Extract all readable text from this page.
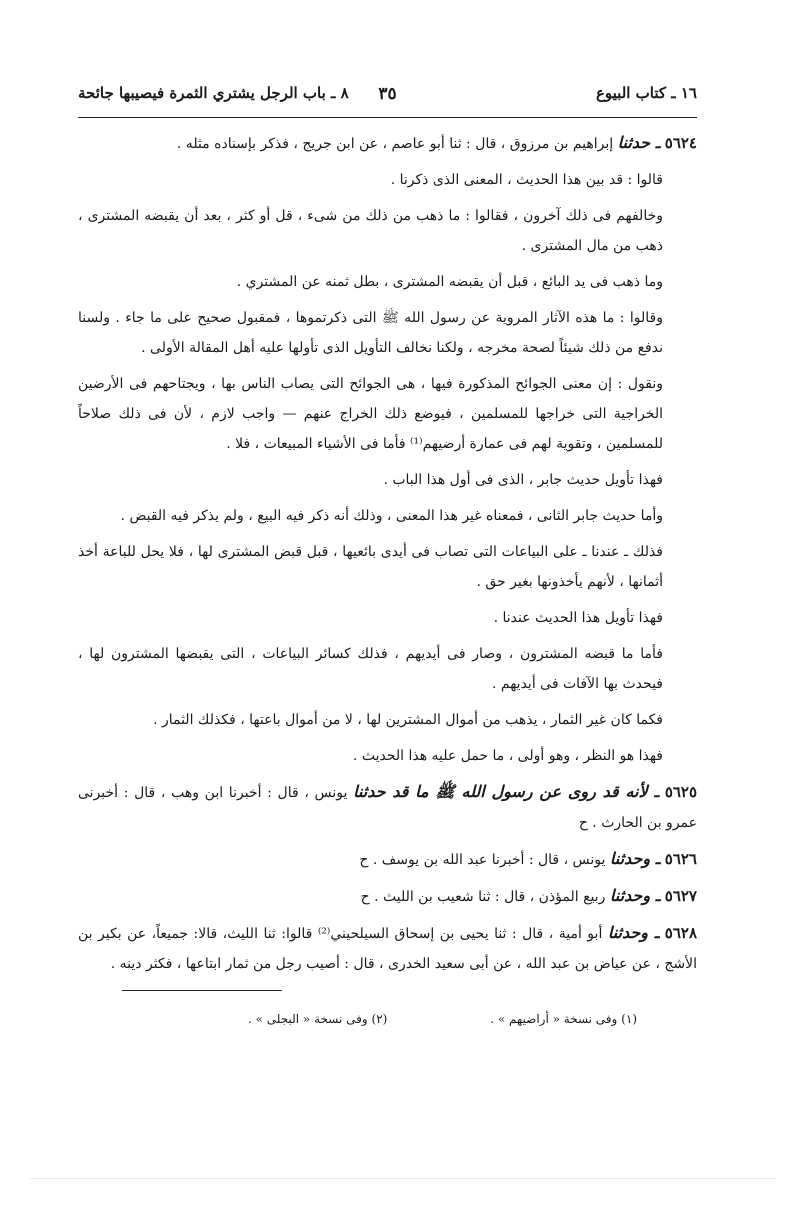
١٦ ـ كتاب البيوع
٣٥
٨ ـ باب الرجل يشتري الثمرة فيصيبها جائحة

٥٦٢٤ ـ حدثنا إبراهيم بن مرزوق ، قال : ثنا أبو عاصم ، عن ابن جريج ، فذكر بإسناده مثله .

قالوا : قد بين هذا الحديث ، المعنى الذى ذكرنا .

وخالفهم فى ذلك آخرون ، فقالوا : ما ذهب من ذلك من شىء ، قل أو كثر ، بعد أن يقبضه المشترى ، ذهب من مال المشترى .

وما ذهب فى يد البائع ، قبل أن يقبضه المشترى ، بطل ثمنه عن المشتري .

وقالوا : ما هذه الآثار المروية عن رسول الله ﷺ التى ذكرتموها ، فمقبول صحيح على ما جاء . ولسنا ندفع من ذلك شيئاً لصحة مخرجه ، ولكنا نخالف التأويل الذى تأولها عليه أهل المقالة الأولى .

ونقول : إن معنى الجوائح المذكورة فيها ، هى الجوائح التى يصاب الناس بها ، ويجتاحهم فى الأرضين الخراجية التى خراجها للمسلمين ، فيوضع ذلك الخراج عنهم — واجب لازم ، لأن فى ذلك صلاحاً للمسلمين ، وتقوية لهم فى عمارة أرضيهم⁽¹⁾ فأما فى الأشياء المبيعات ، فلا .

فهذا تأويل حديث جابر ، الذى فى أول هذا الباب .

وأما حديث جابر الثانى ، فمعناه غير هذا المعنى ، وذلك أنه ذكر فيه البيع ، ولم يذكر فيه القبض .

فذلك ـ عندنا ـ على البياعات التى تصاب فى أيدى بائعيها ، قبل قبض المشترى لها ، فلا يحل للباعة أخذ أثمانها ، لأنهم يأخذونها بغير حق .

فهذا تأويل هذا الحديث عندنا .

فأما ما قبضه المشترون ، وصار فى أيديهم ، فذلك كسائر البياعات ، التى يقبضها المشترون لها ، فيحدث بها الآفات فى أيديهم .

فكما كان غير الثمار ، يذهب من أموال المشترين لها ، لا من أموال باعتها ، فكذلك الثمار .

فهذا هو النظر ، وهو أولى ، ما حمل عليه هذا الحديث .

٥٦٢٥ ـ لأنه قد روى عن رسول الله ﷺ ما قد حدثنا يونس ، قال : أخبرنا ابن وهب ، قال : أخبرنى عمرو بن الحارث . ح

٥٦٢٦ ـ وحدثنا يونس ، قال : أخبرنا عبد الله بن يوسف . ح

٥٦٢٧ ـ وحدثنا ربيع المؤذن ، قال : ثنا شعيب بن الليث . ح

٥٦٢٨ ـ وحدثنا أبو أمية ، قال : ثنا يحيى بن إسحاق السيلحيني⁽²⁾ قالوا: ثنا الليث، قالا: جميعاً، عن بكير بن الأشج ، عن عياض بن عبد الله ، عن أبى سعيد الخدرى ، قال : أصيب رجل من ثمار ابتاعها ، فكثر دينه .

(١) وفى نسخة « أراضيهم » .
(٢) وفى نسخة « البجلى » .
